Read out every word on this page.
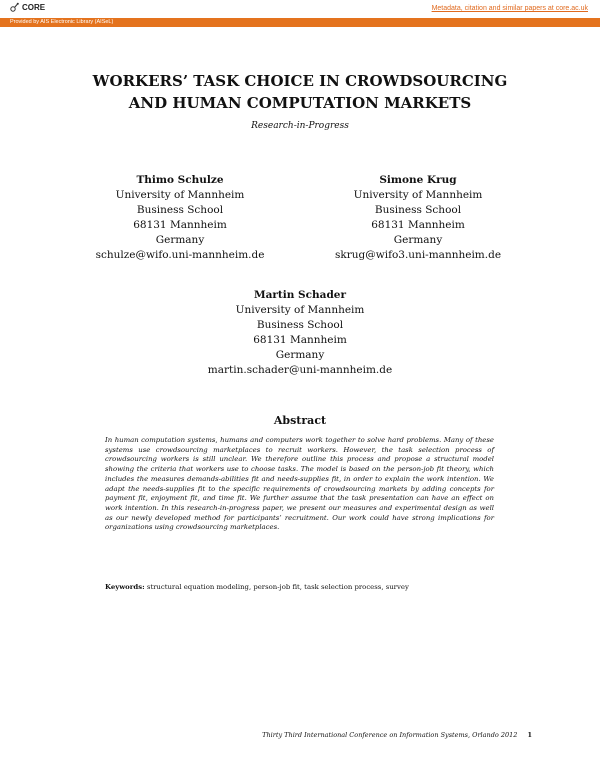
CORE	Metadata, citation and similar papers at core.ac.uk
Provided by AIS Electronic Library (AISeL)
WORKERS’ TASK CHOICE IN CROWDSOURCING
AND HUMAN COMPUTATION MARKETS
Research-in-Progress
Thimo Schulze
University of Mannheim
Business School
68131 Mannheim
Germany
schulze@wifo.uni-mannheim.de
Simone Krug
University of Mannheim
Business School
68131 Mannheim
Germany
skrug@wifo3.uni-mannheim.de
Martin Schader
University of Mannheim
Business School
68131 Mannheim
Germany
martin.schader@uni-mannheim.de
Abstract
In human computation systems, humans and computers work together to solve hard problems. Many of these systems use crowdsourcing marketplaces to recruit workers. However, the task selection process of crowdsourcing workers is still unclear. We therefore outline this process and propose a structural model showing the criteria that workers use to choose tasks. The model is based on the person-job fit theory, which includes the measures demands-abilities fit and needs-supplies fit, in order to explain the work intention. We adapt the needs-supplies fit to the specific requirements of crowdsourcing markets by adding concepts for payment fit, enjoyment fit, and time fit. We further assume that the task presentation can have an effect on work intention. In this research-in-progress paper, we present our measures and experimental design as well as our newly developed method for participants’ recruitment. Our work could have strong implications for organizations using crowdsourcing marketplaces.
Keywords: structural equation modeling, person-job fit, task selection process, survey
Thirty Third International Conference on Information Systems, Orlando 2012 1
